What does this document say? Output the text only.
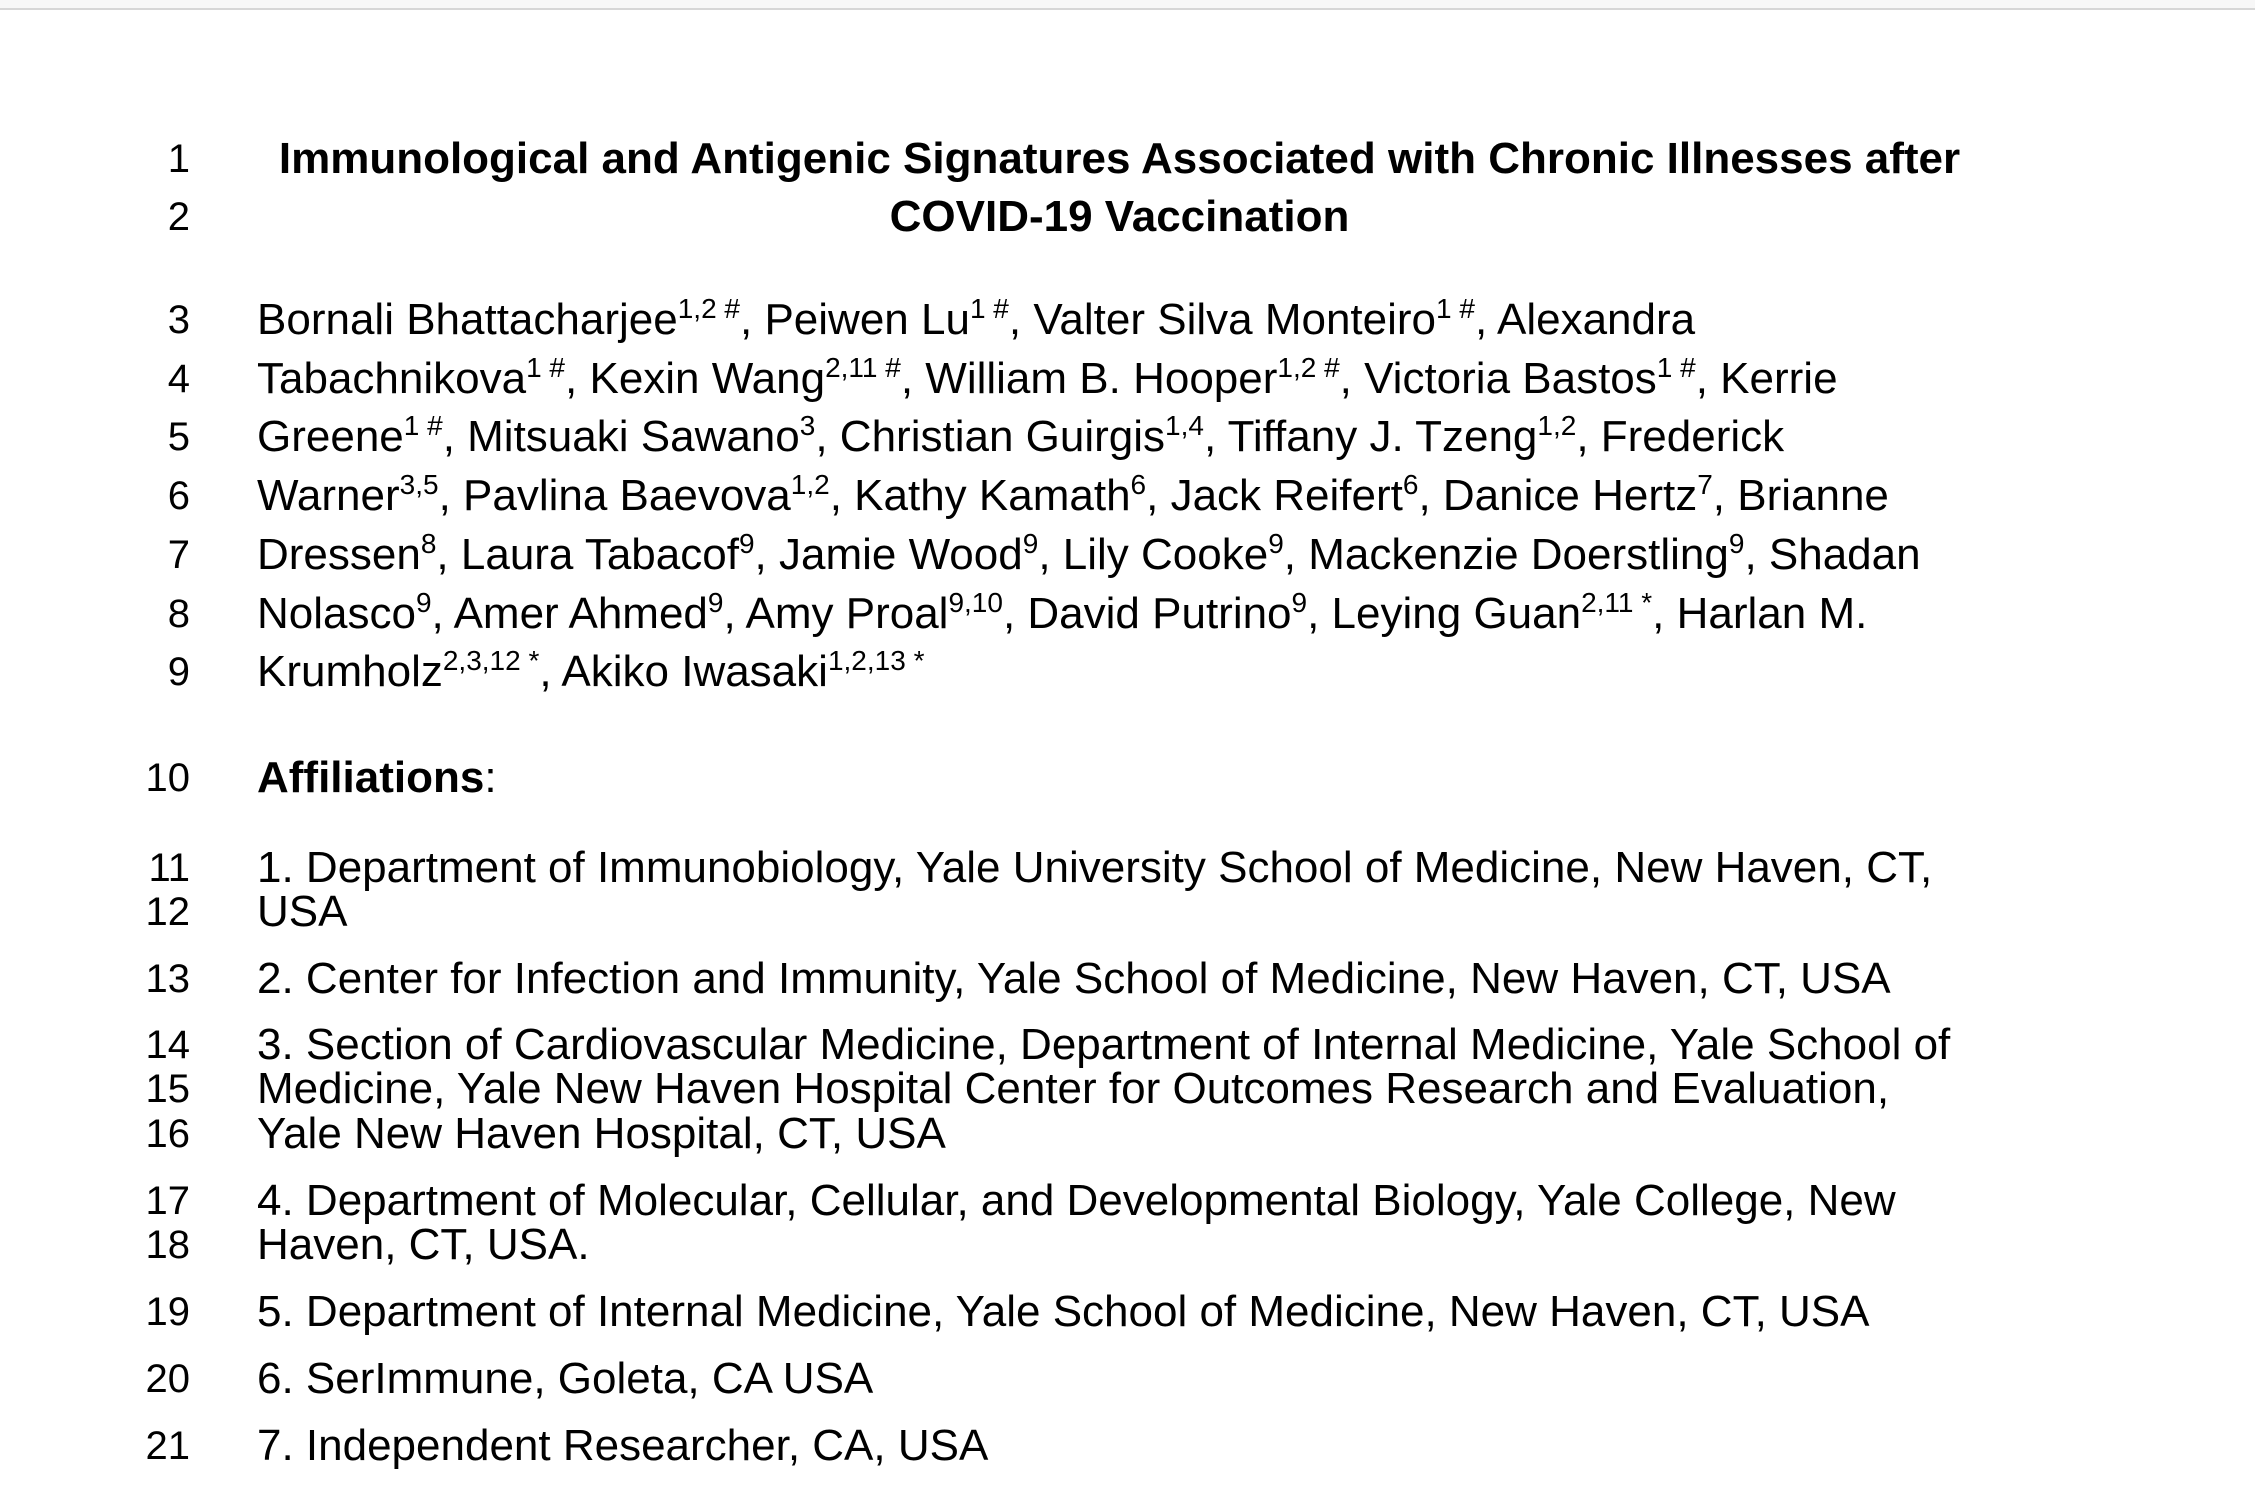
1	Immunological and Antigenic Signatures Associated with Chronic Illnesses after
2	COVID-19 Vaccination
3 Bornali Bhattacharjee$^{1,2 \#}$, Peiwen $Lu^{1 \#}$, Valter Silva Monteiro$^{1 \#}$, Alexandra
4 Tabachnikova$^{1 \#}$, Kexin Wang$^{2,11 \#}$, William B. Hooper$^{1,2 \#}$, Victoria Bastos$^{1 \#}$, Kerrie
5 Greene$^{1 \#}$, Mitsuaki Sawano$^3$, Christian Guirgis$^{1,4}$, Tiffany J. Tzeng$^{1,2}$, Frederick
6 Warner$^{3,5}$, Pavlina Baevova$^{1,2}$, Kathy Kamath$^6$, Jack Reifert$^6$, Danice Hertz$^7$, Brianne
7 Dressen$^8$, Laura Tabacof$^9$, Jamie Wood$^9$, Lily Cooke$^9$, Mackenzie Doerstling$^9$, Shadan
8 Nolasco$^9$, Amer Ahmed$^9$, Amy Proal$^{9,10}$, David Putrino$^9$, Leying Guan$^{2,11 *}$, Harlan M.
9 Krumholz$^{2,3,12 *}$, Akiko Iwasaki$^{1,2,13 *}$
10 Affiliations:
11 1. Department of Immunobiology, Yale University School of Medicine, New Haven, CT,
12 USA
13 2. Center for Infection and Immunity, Yale School of Medicine, New Haven, CT, USA
14 3. Section of Cardiovascular Medicine, Department of Internal Medicine, Yale School of
15 Medicine, Yale New Haven Hospital Center for Outcomes Research and Evaluation,
16 Yale New Haven Hospital, CT, USA
17 4. Department of Molecular, Cellular, and Developmental Biology, Yale College, New
18 Haven, CT, USA.
19 5. Department of Internal Medicine, Yale School of Medicine, New Haven, CT, USA
20 6. SerImmune, Goleta, CA USA
21 7. Independent Researcher, CA, USA
